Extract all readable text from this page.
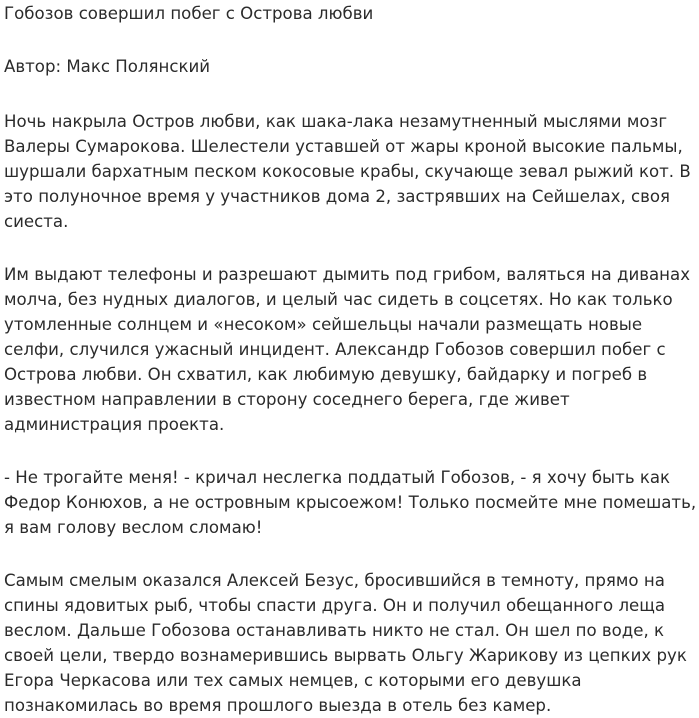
Гобозов совершил побег с Острова любви

Автор: Макс Полянский

Ночь накрыла Остров любви, как шака-лака незамутненный мыслями мозг Валеры Сумарокова. Шелестели уставшей от жары кроной высокие пальмы, шуршали бархатным песком кокосовые крабы, скучающе зевал рыжий кот. В это полуночное время у участников дома 2, застрявших на Сейшелах, своя сиеста.

Им выдают телефоны и разрешают дымить под грибом, валяться на диванах молча, без нудных диалогов, и целый час сидеть в соцсетях. Но как только утомленные солнцем и «несоком» сейшельцы начали размещать новые селфи, случился ужасный инцидент. Александр Гобозов совершил побег с Острова любви. Он схватил, как любимую девушку, байдарку и погреб в известном направлении в сторону соседнего берега, где живет администрация проекта.

- Не трогайте меня! - кричал неслегка поддатый Гобозов, - я хочу быть как Федор Конюхов, а не островным крысоежом! Только посмейте мне помешать, я вам голову веслом сломаю!

Самым смелым оказался Алексей Безус, бросившийся в темноту, прямо на спины ядовитых рыб, чтобы спасти друга. Он и получил обещанного леща веслом. Дальше Гобозова останавливать никто не стал. Он шел по воде, к своей цели, твердо вознамерившись вырвать Ольгу Жарикову из цепких рук Егора Черкасова или тех самых немцев, с которыми его девушка познакомилась во время прошлого выезда в отель без камер.
